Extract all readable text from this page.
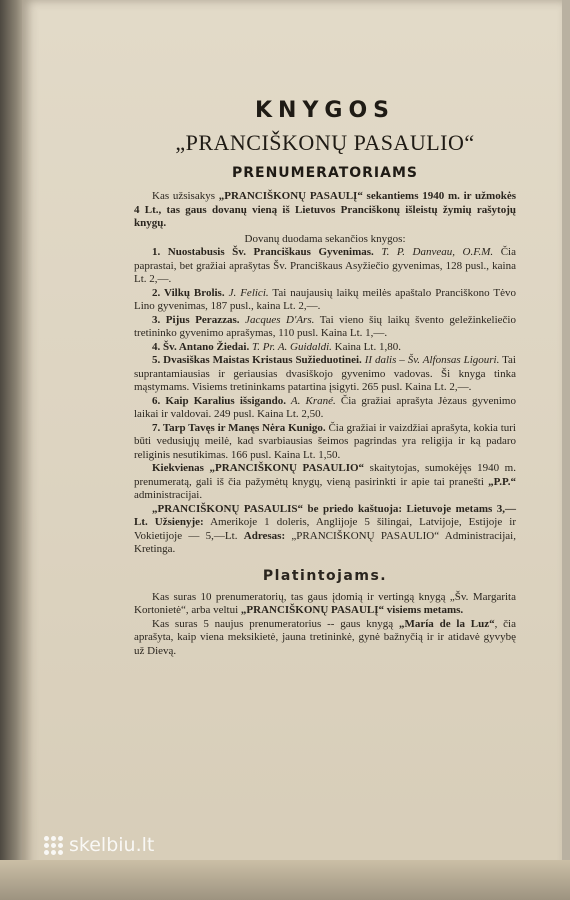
KNYGOS
„PRANCIŠKONŲ PASAULIO“
PRENUMERATORIAMS

Kas užsisakys „PRANCIŠKONŲ PASAULĮ“ sekantiems 1940 m. ir užmokės 4 Lt., tas gaus dovanų vieną iš Lietuvos Pranciškonų išleistų žymių rašytojų knygų.

Dovanų duodama sekančios knygos:

1. Nuostabusis Šv. Pranciškaus Gyvenimas. T. P. Danveau, O.F.M. Čia paprastai, bet gražiai aprašytas Šv. Pranciškaus Asyžiečio gyvenimas, 128 pusl., kaina Lt. 2,—.

2. Vilkų Brolis. J. Felici. Tai naujausių laikų meilės apaštalo Pranciškono Tėvo Lino gyvenimas, 187 pusl., kaina Lt. 2,—.

3. Pijus Perazzas. Jacques D'Ars. Tai vieno šių laikų švento geležinkeliečio tretininko gyvenimo aprašymas, 110 pusl. Kaina Lt. 1,—.

4. Šv. Antano Žiedai. T. Pr. A. Guidaldi. Kaina Lt. 1,80.

5. Dvasiškas Maistas Kristaus Sužieduotinei. II dalis – Šv. Alfonsas Ligouri. Tai suprantamiausias ir geriausias dvasiškojo gyvenimo vadovas. Ši knyga tinka mąstymams. Visiems tretininkams patartina įsigyti. 265 pusl. Kaina Lt. 2,—.

6. Kaip Karalius išsigando. A. Krané. Čia gražiai aprašyta Jėzaus gyvenimo laikai ir valdovai. 249 pusl. Kaina Lt. 2,50.

7. Tarp Tavęs ir Manęs Nėra Kunigo. Čia gražiai ir vaizdžiai aprašyta, kokia turi būti vedusiųjų meilė, kad svarbiausias šeimos pagrindas yra religija ir ką padaro religinis nesutikimas. 166 pusl. Kaina Lt. 1,50.

Kiekvienas „PRANCIŠKONŲ PASAULIO“ skaitytojas, sumokėjęs 1940 m. prenumeratą, gali iš čia pažymėtų knygų, vieną pasirinkti ir apie tai pranešti „P.P.“ administracijai.

„PRANCIŠKONŲ PASAULIS“ be priedo kaštuoja: Lietuvoje metams 3,—Lt. Užsienyje: Amerikoje 1 doleris, Anglijoje 5 šilingai, Latvijoje, Estijoje ir Vokietijoje — 5,—Lt. Adresas: „PRANCIŠKONŲ PASAULIO“ Administracijai, Kretinga.

Platintojams.

Kas suras 10 prenumeratorių, tas gaus įdomią ir vertingą knygą „Šv. Margarita Kortonietė“, arba veltui „PRANCIŠKONŲ PASAULĮ“ visiems metams.

Kas suras 5 naujus prenumeratorius -- gaus knygą „María de la Luz“, čia aprašyta, kaip viena meksikietė, jauna tretininkė, gynė bažnyčią ir ir atidavė gyvybę už Dievą.

skelbiu.lt
